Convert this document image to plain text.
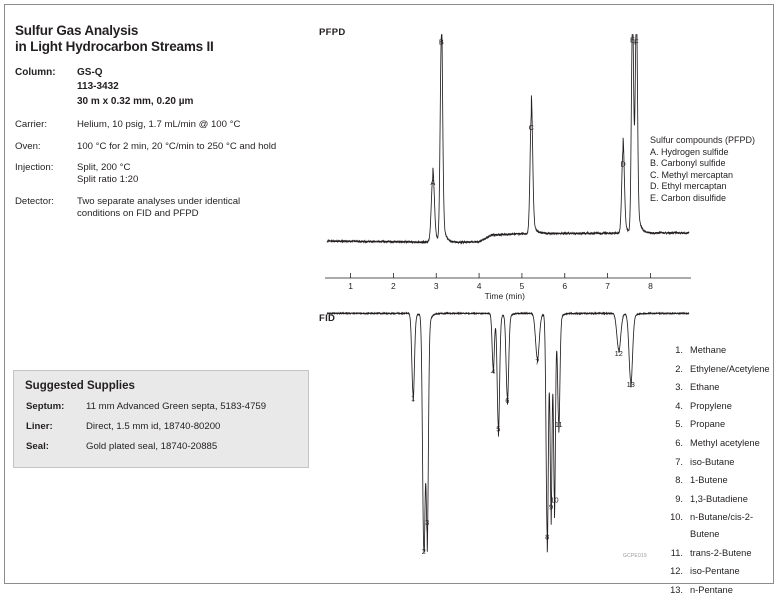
Sulfur Gas Analysis
in Light Hydrocarbon Streams II
Column:	GS-Q
	113-3432
	30 m x 0.32 mm, 0.20 µm
Carrier:	Helium, 10 psig, 1.7 mL/min @ 100 °C
Oven:	100 °C for 2 min, 20 °C/min to 250 °C and hold
Injection:	Split, 200 °C
Split ratio 1:20

Detector:	Two separate analyses under identical
conditions on FID and PFPD
Suggested Supplies
Septum:	11 mm Advanced Green septa, 5183-4759
Liner:	Direct, 1.5 mm id, 18740-80200
Seal:	Gold plated seal, 18740-20885
PFPD
1	2	3	4	5	6	7	8
Time (min)
A
B
C
D
E F
Sulfur compounds (PFPD)
A. Hydrogen sulfide
B. Carbonyl sulfide
C. Methyl mercaptan
D. Ethyl mercaptan
E. Carbon disulfide
FID
1
2
3
4
5
6
7
8
9
10
11
12
13
1.	Methane
2.	Ethylene/Acetylene
3.	Ethane
4.	Propylene
5.	Propane
6.	Methyl acetylene
7.	iso-Butane
8.	1-Butene
9.	1,3-Butadiene
10.	n-Butane/cis-2-Butene
11.	trans-2-Butene
12.	iso-Pentane
13.	n-Pentane
GCPE019
